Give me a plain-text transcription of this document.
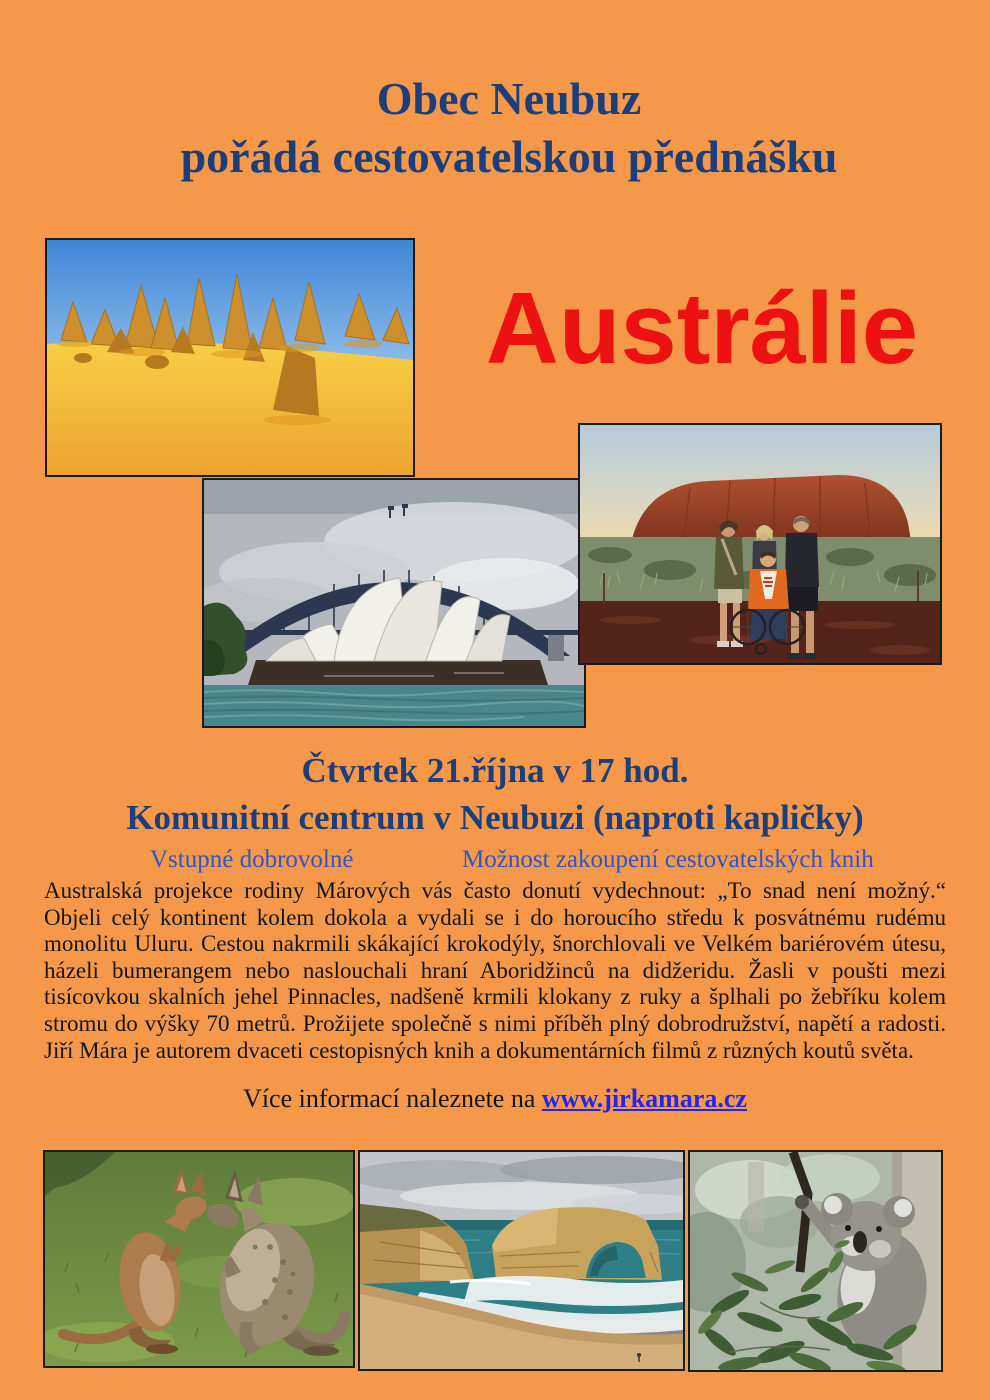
Obec Neubuz
pořádá cestovatelskou přednášku
Austrálie
Čtvrtek 21.října v 17 hod.
Komunitní centrum v Neubuzi (naproti kapličky)
Vstupné dobrovolné	Možnost zakoupení cestovatelských knih
Australská projekce rodiny Márových vás často donutí vydechnout: „To snad není možný.“ Objeli celý kontinent kolem dokola a vydali se i do horoucího středu k posvátnému rudému monolitu Uluru. Cestou nakrmili skákající krokodýly, šnorchlovali ve Velkém bariérovém útesu, házeli bumerangem nebo naslouchali hraní Aboridžinců na didžeridu. Žasli v poušti mezi tisícovkou skalních jehel Pinnacles, nadšeně krmili klokany z ruky a šplhali po žebříku kolem stromu do výšky 70 metrů. Prožijete společně s nimi příběh plný dobrodružství, napětí a radosti. Jiří Mára je autorem dvaceti cestopisných knih a dokumentárních filmů z různých koutů světa.
Více informací naleznete na www.jirkamara.cz
